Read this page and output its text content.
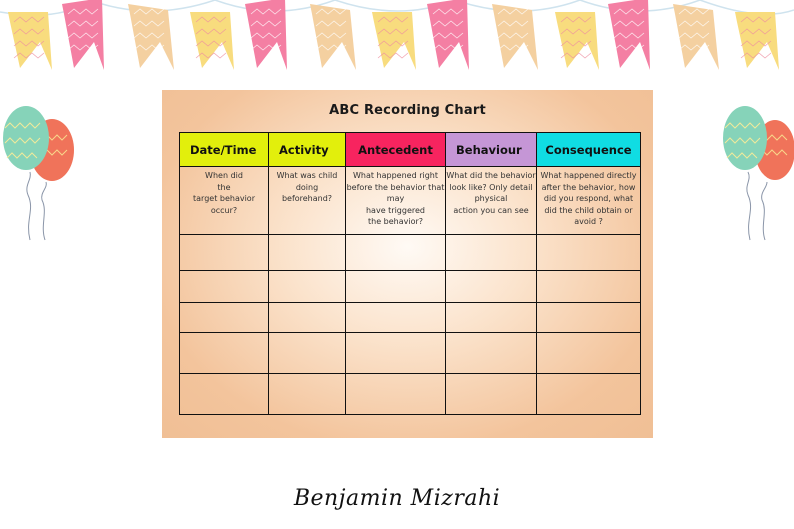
ABC Recording Chart
Date/Time	Activity	Antecedent	Behaviour	Consequence
When did
the
target behavior
occur?	What was child
doing
beforehand?	What happened right
before the behavior that
may
have triggered
the behavior?	What did the behavior
look like? Only detail
physical
action you can see	What happened directly
after the behavior, how
did you respond, what
did the child obtain or
avoid ?

Benjamin Mizrahi
